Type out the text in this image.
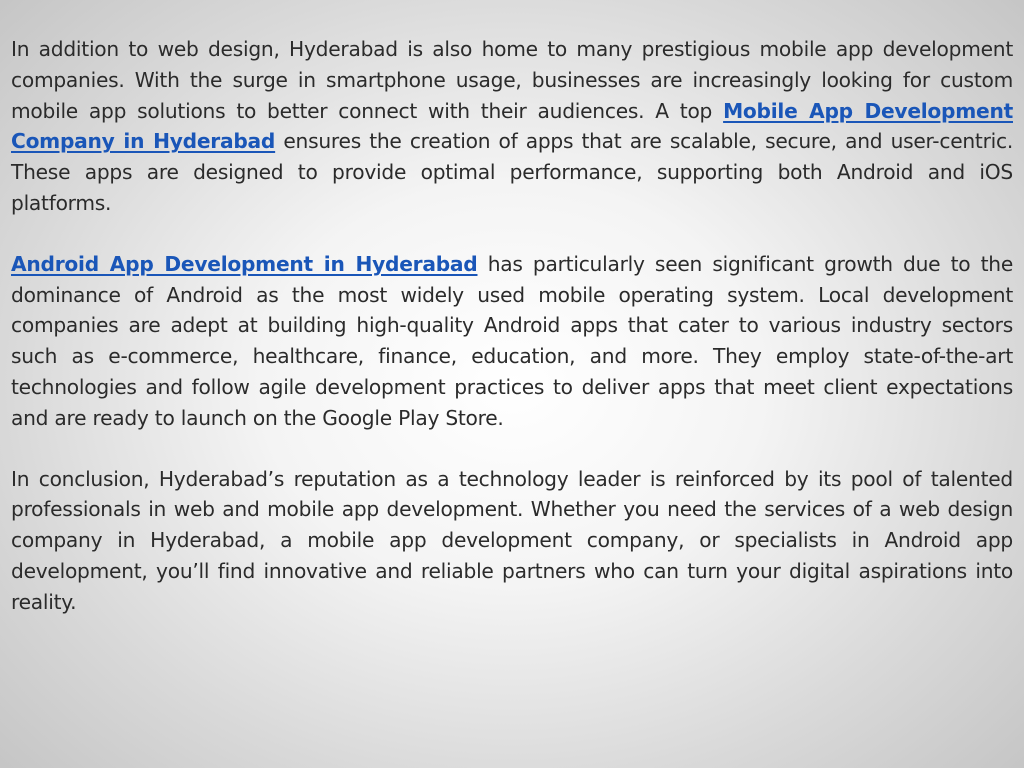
In addition to web design, Hyderabad is also home to many prestigious mobile app development companies. With the surge in smartphone usage, businesses are increasingly looking for custom mobile app solutions to better connect with their audiences. A top Mobile App Development Company in Hyderabad ensures the creation of apps that are scalable, secure, and user-centric. These apps are designed to provide optimal performance, supporting both Android and iOS platforms.

Android App Development in Hyderabad has particularly seen significant growth due to the dominance of Android as the most widely used mobile operating system. Local development companies are adept at building high-quality Android apps that cater to various industry sectors such as e-commerce, healthcare, finance, education, and more. They employ state-of-the-art technologies and follow agile development practices to deliver apps that meet client expectations and are ready to launch on the Google Play Store.

In conclusion, Hyderabad’s reputation as a technology leader is reinforced by its pool of talented professionals in web and mobile app development. Whether you need the services of a web design company in Hyderabad, a mobile app development company, or specialists in Android app development, you’ll find innovative and reliable partners who can turn your digital aspirations into reality.
